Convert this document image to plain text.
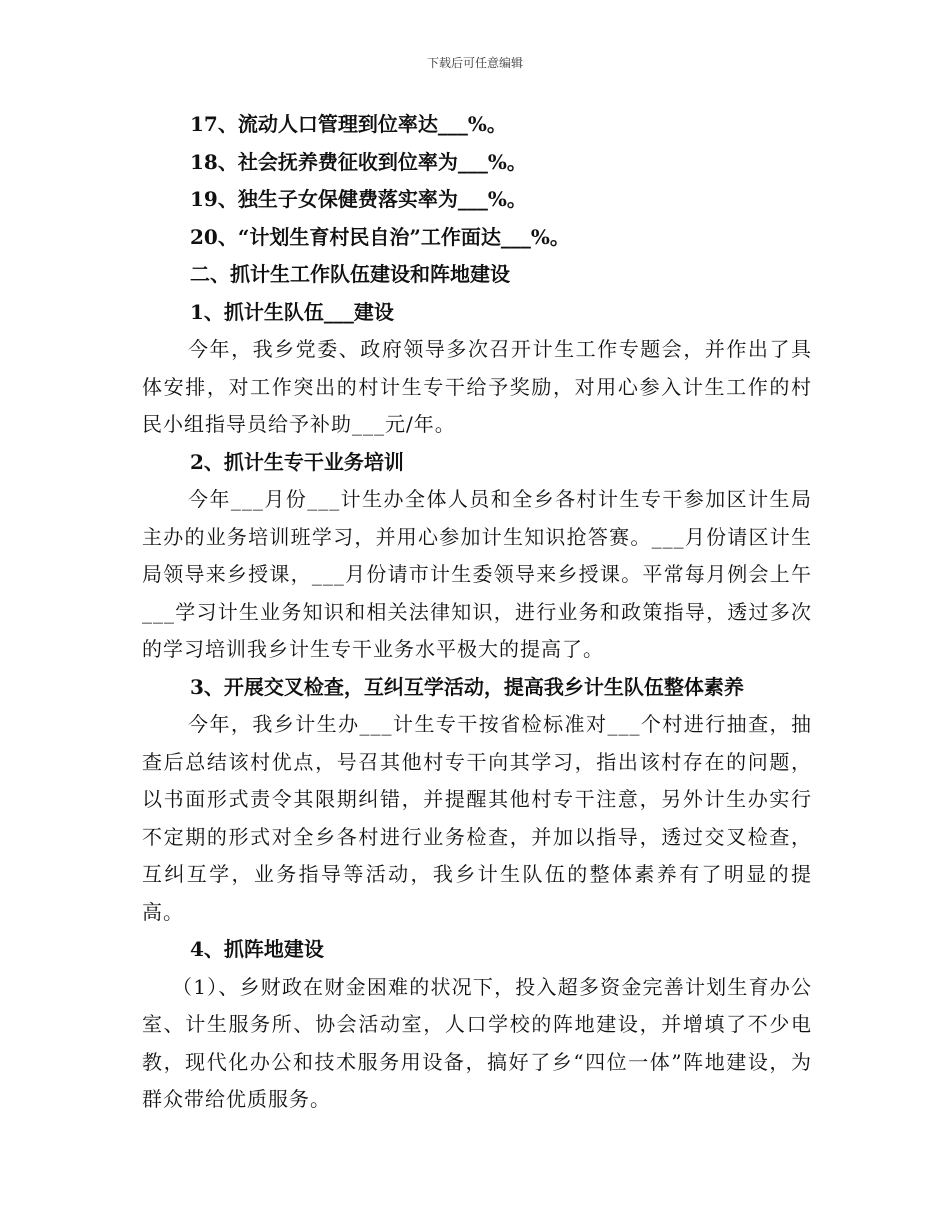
下载后可任意编辑
17、流动人口管理到位率达___%。
18、社会抚养费征收到位率为___%。
19、独生子女保健费落实率为___%。
20、“计划生育村民自治”工作面达___%。
二、抓计生工作队伍建设和阵地建设
1、抓计生队伍___建设
今年，我乡党委、政府领导多次召开计生工作专题会，并作出了具体安排，对工作突出的村计生专干给予奖励，对用心参入计生工作的村民小组指导员给予补助___元/年。
2、抓计生专干业务培训
今年___月份___计生办全体人员和全乡各村计生专干参加区计生局主办的业务培训班学习，并用心参加计生知识抢答赛。___月份请区计生局领导来乡授课，___月份请市计生委领导来乡授课。平常每月例会上午___学习计生业务知识和相关法律知识，进行业务和政策指导，透过多次的学习培训我乡计生专干业务水平极大的提高了。
3、开展交叉检查，互纠互学活动，提高我乡计生队伍整体素养
今年，我乡计生办___计生专干按省检标准对___个村进行抽查，抽查后总结该村优点，号召其他村专干向其学习，指出该村存在的问题，以书面形式责令其限期纠错，并提醒其他村专干注意，另外计生办实行不定期的形式对全乡各村进行业务检查，并加以指导，透过交叉检查，互纠互学，业务指导等活动，我乡计生队伍的整体素养有了明显的提高。
4、抓阵地建设
（1）、乡财政在财金困难的状况下，投入超多资金完善计划生育办公室、计生服务所、协会活动室，人口学校的阵地建设，并增填了不少电教，现代化办公和技术服务用设备，搞好了乡“四位一体”阵地建设，为群众带给优质服务。
